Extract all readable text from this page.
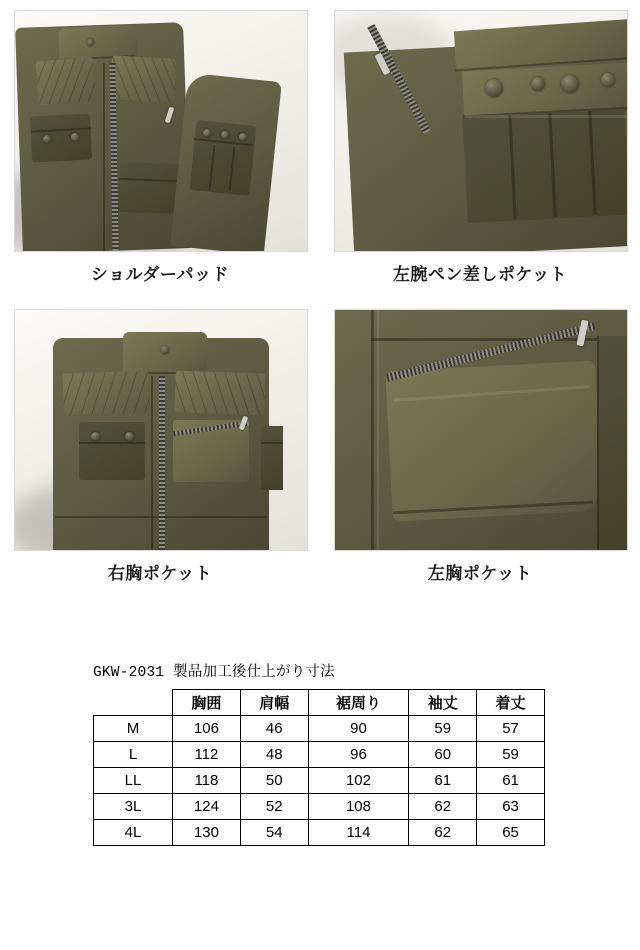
ショルダーパッド	左腕ペン差しポケット
右胸ポケット	左胸ポケット
GKW-2031 製品加工後仕上がり寸法
	胸囲	肩幅	裾周り	袖丈	着丈
M	106	46	90	59	57
L	112	48	96	60	59
LL	118	50	102	61	61
3L	124	52	108	62	63
4L	130	54	114	62	65
